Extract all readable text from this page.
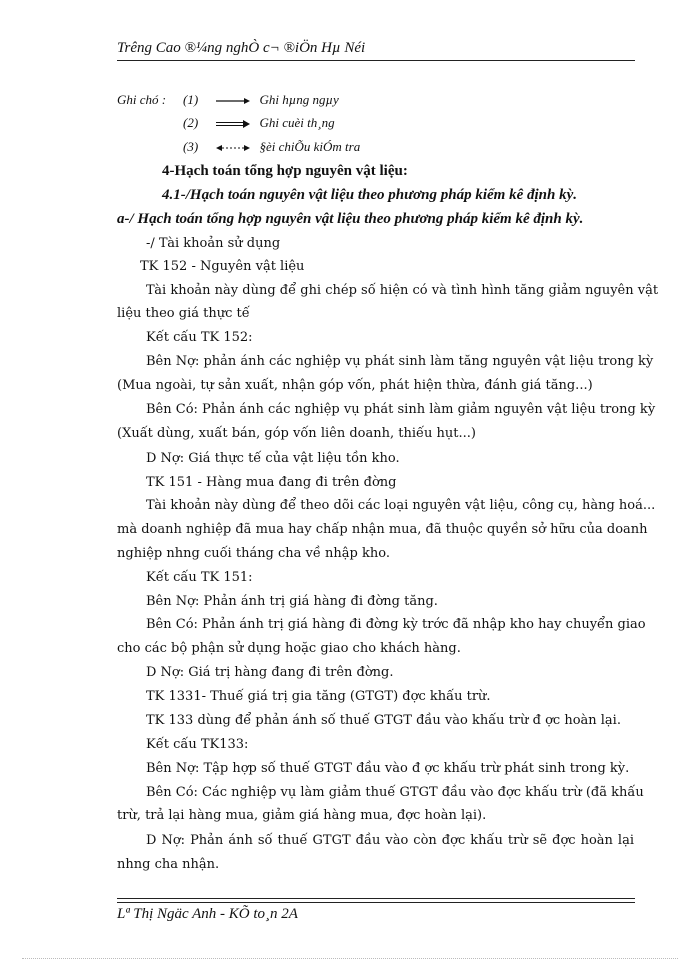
Trêng Cao ®¼ng nghÒ c¬ ®iÖn Hµ Néi
Ghi chó : (1)	Ghi hµng ngµy
(2)	Ghi cuèi th¸ng
(3)	§èi chiÕu kiÓm tra
4-Hạch toán tổng hợp nguyên vật liệu:
4.1-/Hạch toán nguyên vật liệu theo phương pháp kiểm kê định kỳ.
a-/ Hạch toán tổng hợp nguyên vật liệu theo phương pháp kiểm kê định kỳ.
-/ Tài khoản sử dụng
TK 152 - Nguyên vật liệu
Tài khoản này dùng để ghi chép số hiện có và tình hình tăng giảm nguyên vật
liệu theo giá thực tế
Kết cấu TK 152:
Bên Nợ: phản ánh các nghiệp vụ phát sinh làm tăng nguyên vật liệu trong kỳ
(Mua ngoài, tự sản xuất, nhận góp vốn, phát hiện thừa, đánh giá tăng...)
Bên Có: Phản ánh các nghiệp vụ phát sinh làm giảm nguyên vật liệu trong kỳ
(Xuất dùng, xuất bán, góp vốn liên doanh, thiếu hụt...)
D Nợ: Giá thực tế của vật liệu tồn kho.
TK 151 - Hàng mua đang đi trên đờng
Tài khoản này dùng để theo dõi các loại nguyên vật liệu, công cụ, hàng hoá...
mà doanh nghiệp đã mua hay chấp nhận mua, đã thuộc quyền sở hữu của doanh
nghiệp nhng cuối tháng cha về nhập kho.
Kết cấu TK 151:
Bên Nợ: Phản ánh trị giá hàng đi đờng tăng.
Bên Có: Phản ánh trị giá hàng đi đờng kỳ trớc đã nhập kho hay chuyển giao
cho các bộ phận sử dụng hoặc giao cho khách hàng.
D Nợ: Giá trị hàng đang đi trên đờng.
TK 1331- Thuế giá trị gia tăng (GTGT) đợc khấu trừ.
TK 133 dùng để phản ánh số thuế GTGT đầu vào khấu trừ đ ợc hoàn lại.
Kết cấu TK133:
Bên Nợ: Tập hợp số thuế GTGT đầu vào đ ợc khấu trừ phát sinh trong kỳ.
Bên Có: Các nghiệp vụ làm giảm thuế GTGT đầu vào đợc khấu trừ (đã khấu
trừ, trả lại hàng mua, giảm giá hàng mua, đợc hoàn lại).
D Nợ: Phản ánh số thuế GTGT đầu vào còn đợc khấu trừ sẽ đợc hoàn lại
nhng cha nhận.
Lª Thị Ngäc Anh - KÕ to¸n 2A
